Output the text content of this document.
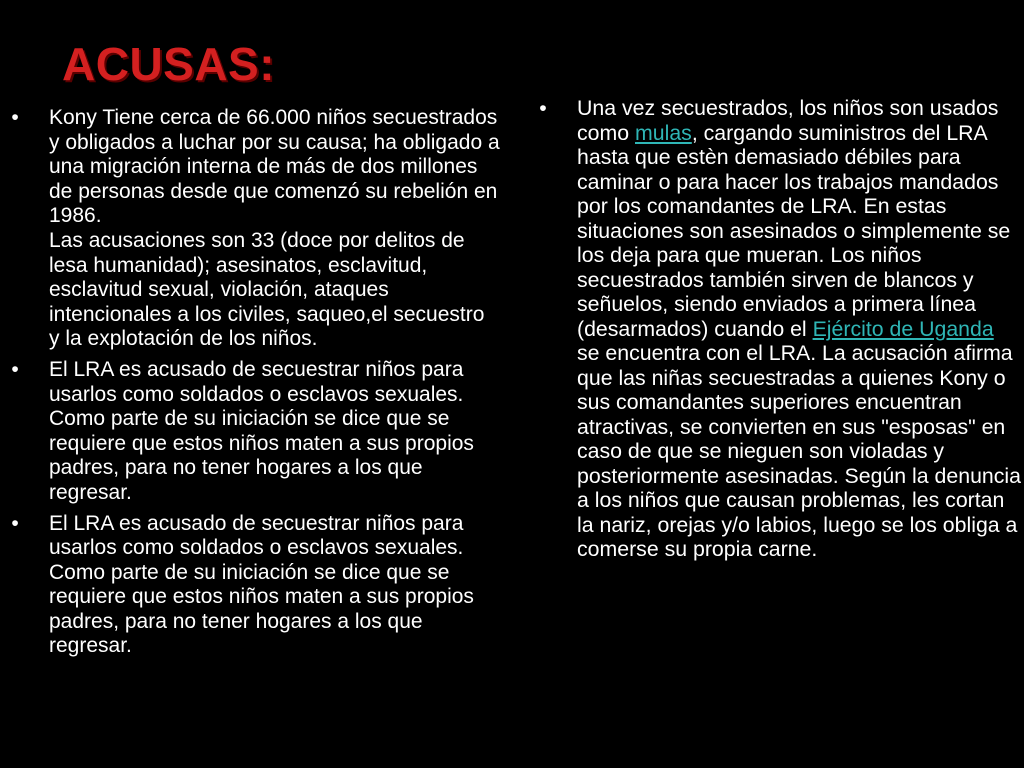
ACUSAS:
• Kony Tiene cerca de 66.000 niños secuestrados y obligados a luchar por su causa; ha obligado a una migración interna de más de dos millones de personas desde que comenzó su rebelión en 1986.
Las acusaciones son 33 (doce por delitos de lesa humanidad); asesinatos, esclavitud, esclavitud sexual, violación, ataques intencionales a los civiles, saqueo,el secuestro y la explotación de los niños.
• El LRA es acusado de secuestrar niños para usarlos como soldados o esclavos sexuales. Como parte de su iniciación se dice que se requiere que estos niños maten a sus propios padres, para no tener hogares a los que regresar.
• El LRA es acusado de secuestrar niños para usarlos como soldados o esclavos sexuales. Como parte de su iniciación se dice que se requiere que estos niños maten a sus propios padres, para no tener hogares a los que regresar.
• Una vez secuestrados, los niños son usados como mulas, cargando suministros del LRA hasta que estèn demasiado débiles para caminar o para hacer los trabajos mandados por los comandantes de LRA. En estas situaciones son asesinados o simplemente se los deja para que mueran. Los niños secuestrados también sirven de blancos y señuelos, siendo enviados a primera línea (desarmados) cuando el Ejército de Uganda se encuentra con el LRA. La acusación afirma que las niñas secuestradas a quienes Kony o sus comandantes superiores encuentran atractivas, se convierten en sus "esposas" en caso de que se nieguen son violadas y posteriormente asesinadas. Según la denuncia a los niños que causan problemas, les cortan la nariz, orejas y/o labios, luego se los obliga a comerse su propia carne.
